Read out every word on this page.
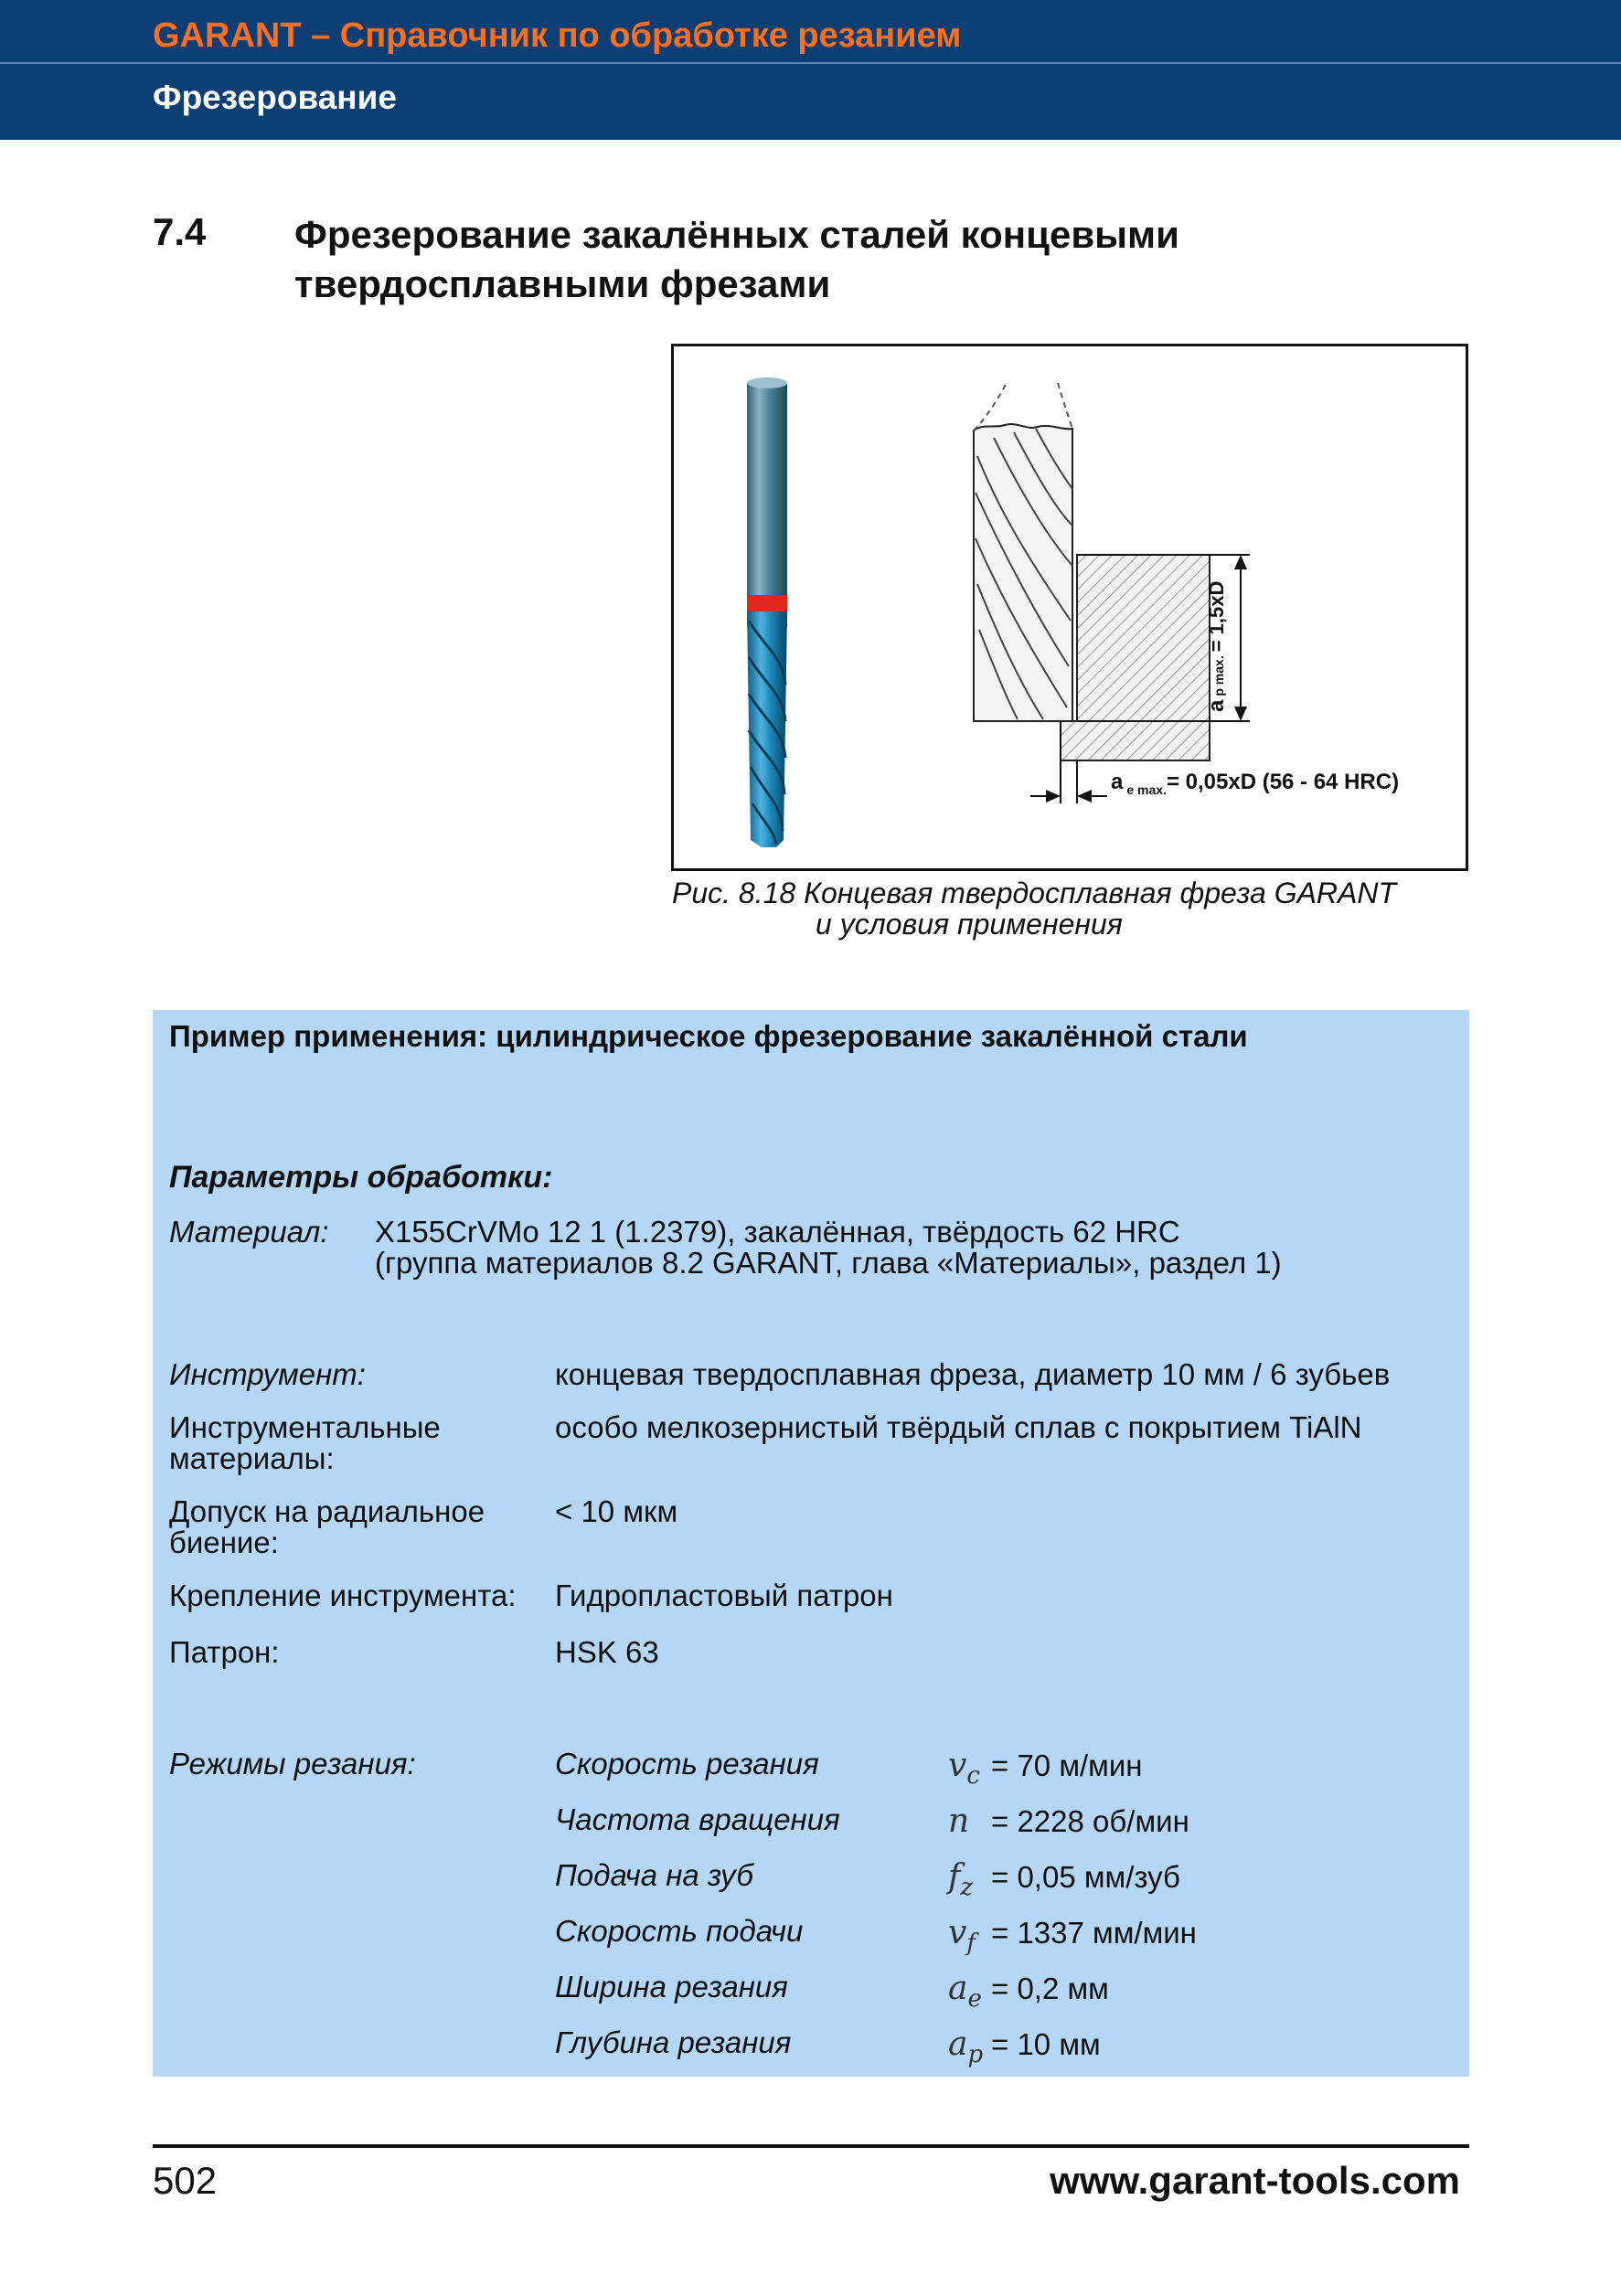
GARANT – Справочник по обработке резанием
Фрезерование
7.4 Фрезерование закалённых сталей концевыми
твердосплавными фрезами
ap max.= 1,5xD
ae max.= 0,05xD (56 - 64 HRC)
Рис. 8.18 Концевая твердосплавная фреза GARANT
и условия применения
Пример применения: цилиндрическое фрезерование закалённой стали
Параметры обработки:
Материал: X155CrVMo 12 1 (1.2379), закалённая, твёрдость 62 HRC
(группа материалов 8.2 GARANT, глава «Материалы», раздел 1)
Инструмент:	концевая твердосплавная фреза, диаметр 10 мм / 6 зубьев
Инструментальные материалы:
особо мелкозернистый твёрдый сплав с покрытием TiAlN
Допуск на радиальное биение:
< 10 мкм
Крепление инструмента: Гидропластовый патрон
Патрон:	HSK 63
Режимы резания:	Скорость резания	$v_c = 70$ м/мин
Частота вращения	n = 2228 об/мин
Подача на зуб	$f_z = 0,05$ мм/зуб
Скорость подачи	$v_f = 1337$ мм/мин
Ширина резания	$a_e = 0,2$ мм
Глубина резания	$a_p = 10$ мм
502	www.garant-tools.com
